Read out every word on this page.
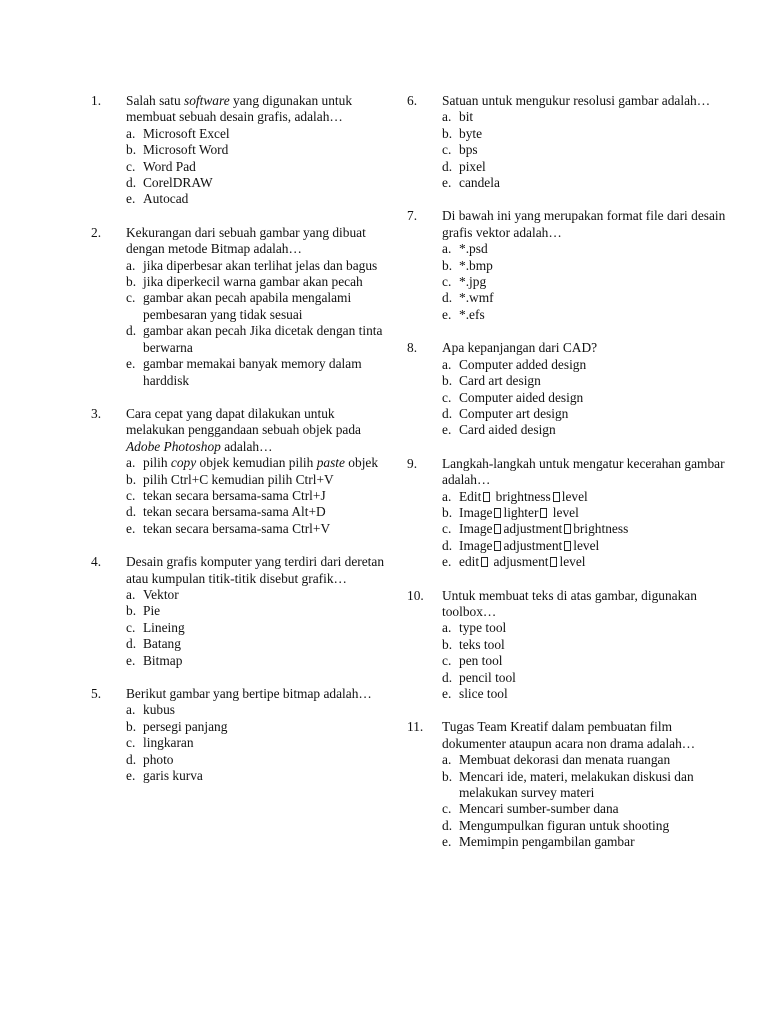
1.	Salah satu software yang digunakan untuk membuat sebuah desain grafis, adalah…
a. Microsoft Excel
b. Microsoft Word
c. Word Pad
d. CorelDRAW
e. Autocad
2.	Kekurangan dari sebuah gambar yang dibuat dengan metode Bitmap adalah…
a. jika diperbesar akan terlihat jelas dan bagus
b. jika diperkecil warna gambar akan pecah
c. gambar akan pecah apabila mengalami pembesaran yang tidak sesuai
d. gambar akan pecah Jika dicetak dengan tinta berwarna
e. gambar memakai banyak memory dalam harddisk
3.	Cara cepat yang dapat dilakukan untuk melakukan penggandaan sebuah objek pada Adobe Photoshop adalah…
a. pilih copy objek kemudian pilih paste objek
b. pilih Ctrl+C kemudian pilih Ctrl+V
c. tekan secara bersama-sama Ctrl+J
d. tekan secara bersama-sama Alt+D
e. tekan secara bersama-sama Ctrl+V
4.	Desain grafis komputer yang terdiri dari deretan atau kumpulan titik-titik disebut grafik…
a. Vektor
b. Pie
c. Lineing
d. Batang
e. Bitmap
5.	Berikut gambar yang bertipe bitmap adalah…
a. kubus
b. persegi panjang
c. lingkaran
d. photo
e. garis kurva
6.	Satuan untuk mengukur resolusi gambar adalah…
a. bit
b. byte
c. bps
d. pixel
e. candela
7.	Di bawah ini yang merupakan format file dari desain grafis vektor adalah…
a. *.psd
b. *.bmp
c. *.jpg
d. *.wmf
e. *.efs
8.	Apa kepanjangan dari CAD?
a. Computer added design
b. Card art design
c. Computer aided design
d. Computer art design
e. Card aided design
9.	Langkah-langkah untuk mengatur kecerahan gambar adalah…
a. Edit brightness level
b. Image lighter level
c. Image adjustment brightness
d. Image adjustment level
e. edit adjusment level
10.	Untuk membuat teks di atas gambar, digunakan toolbox…
a. type tool
b. teks tool
c. pen tool
d. pencil tool
e. slice tool
11.	Tugas Team Kreatif dalam pembuatan film dokumenter ataupun acara non drama adalah…
a. Membuat dekorasi dan menata ruangan
b. Mencari ide, materi, melakukan diskusi dan melakukan survey materi
c. Mencari sumber-sumber dana
d. Mengumpulkan figuran untuk shooting
e. Memimpin pengambilan gambar
